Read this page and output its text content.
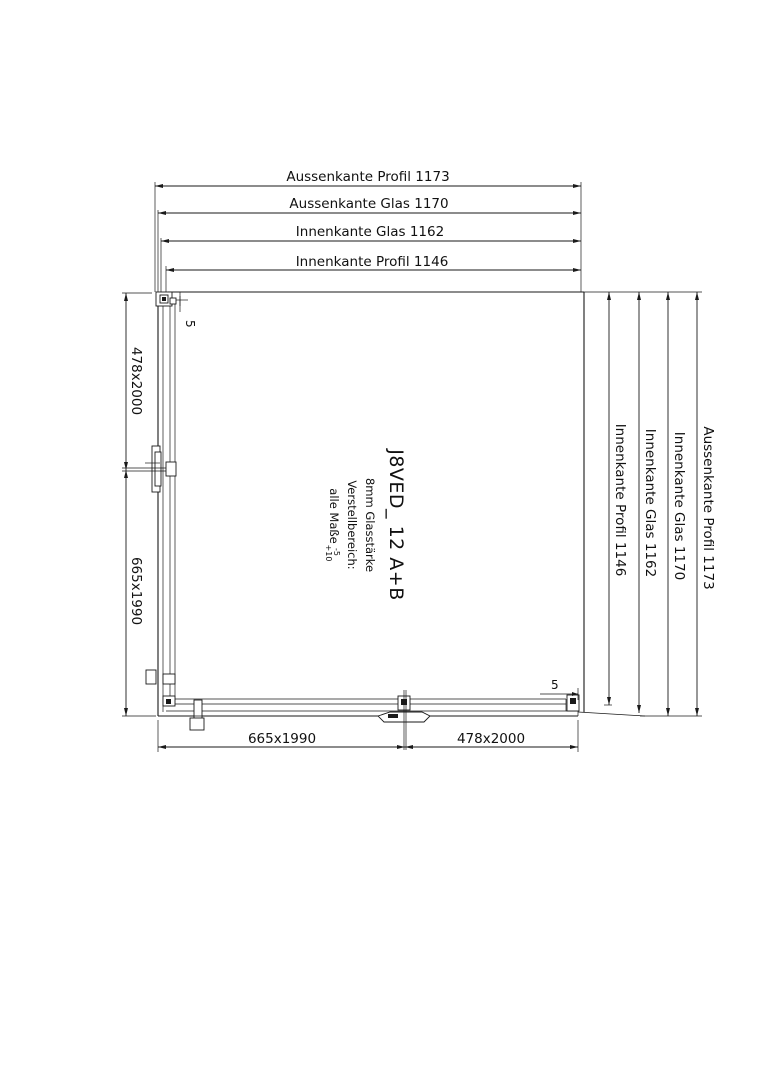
Aussenkante Profil 1173
Aussenkante Glas 1170
Innenkante Glas 1162
Innenkante Profil 1146
5
5
478x2000
665x1990
665x1990	478x2000
Innenkante Profil 1146 Innenkante Glas 1162 Innenkante Glas 1170 Aussenkante Profil 1173
J8VED_ 12 A+B
8mm Glasstärke
Verstellbereich:
alle Maße
-5
+10
